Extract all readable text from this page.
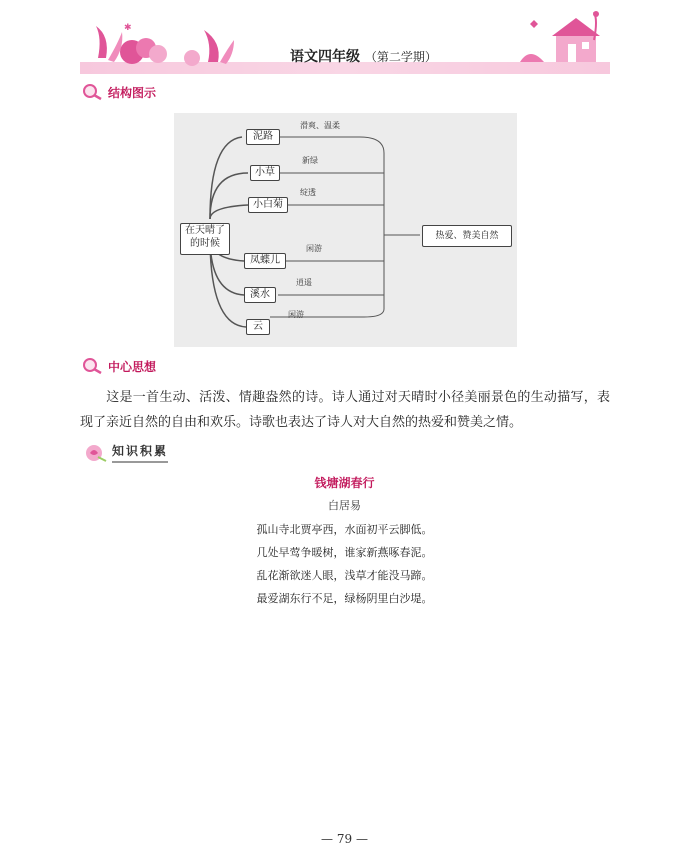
✱
语文四年级 （第二学期）
结构图示
在天晴了
的时候
泥路
滑爽、温柔
小草
新绿
小白菊
绽透
凤蝶儿
闲游
溪水
逍遥
云
闲游
热爱、赞美自然
中心思想
这是一首生动、活泼、情趣盎然的诗。诗人通过对天晴时小径美丽景色的生动描写，表现了亲近自然的自由和欢乐。诗歌也表达了诗人对大自然的热爱和赞美之情。
知识积累
钱塘湖春行
白居易
孤山寺北贾亭西，水面初平云脚低。
几处早莺争暖树，谁家新燕啄春泥。
乱花渐欲迷人眼，浅草才能没马蹄。
最爱湖东行不足，绿杨阴里白沙堤。
— 79 —
